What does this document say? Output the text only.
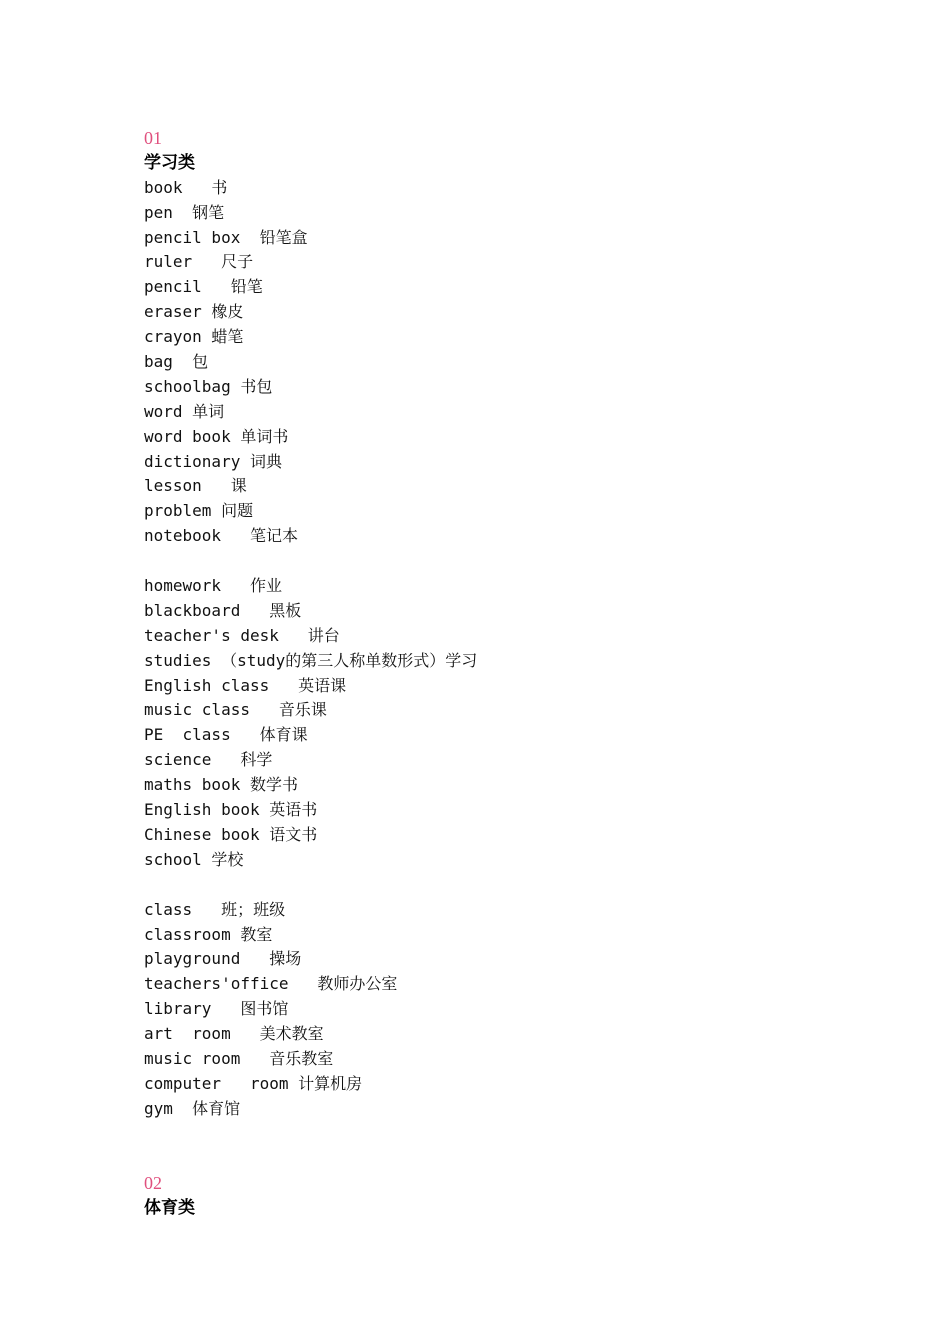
01
学习类
book   书
pen  钢笔
pencil box  铅笔盒
ruler   尺子
pencil   铅笔
eraser 橡皮
crayon 蜡笔
bag  包
schoolbag 书包
word 单词
word book 单词书
dictionary 词典
lesson   课
problem 问题
notebook   笔记本
homework   作业
blackboard   黑板
teacher's desk   讲台
studies （study的第三人称单数形式）学习
English class   英语课
music class   音乐课
PE  class   体育课
science   科学
maths book 数学书
English book 英语书
Chinese book 语文书
school 学校
class   班；班级
classroom 教室
playground   操场
teachers'office   教师办公室
library   图书馆
art  room   美术教室
music room   音乐教室
computer   room 计算机房
gym  体育馆
02
体育类
